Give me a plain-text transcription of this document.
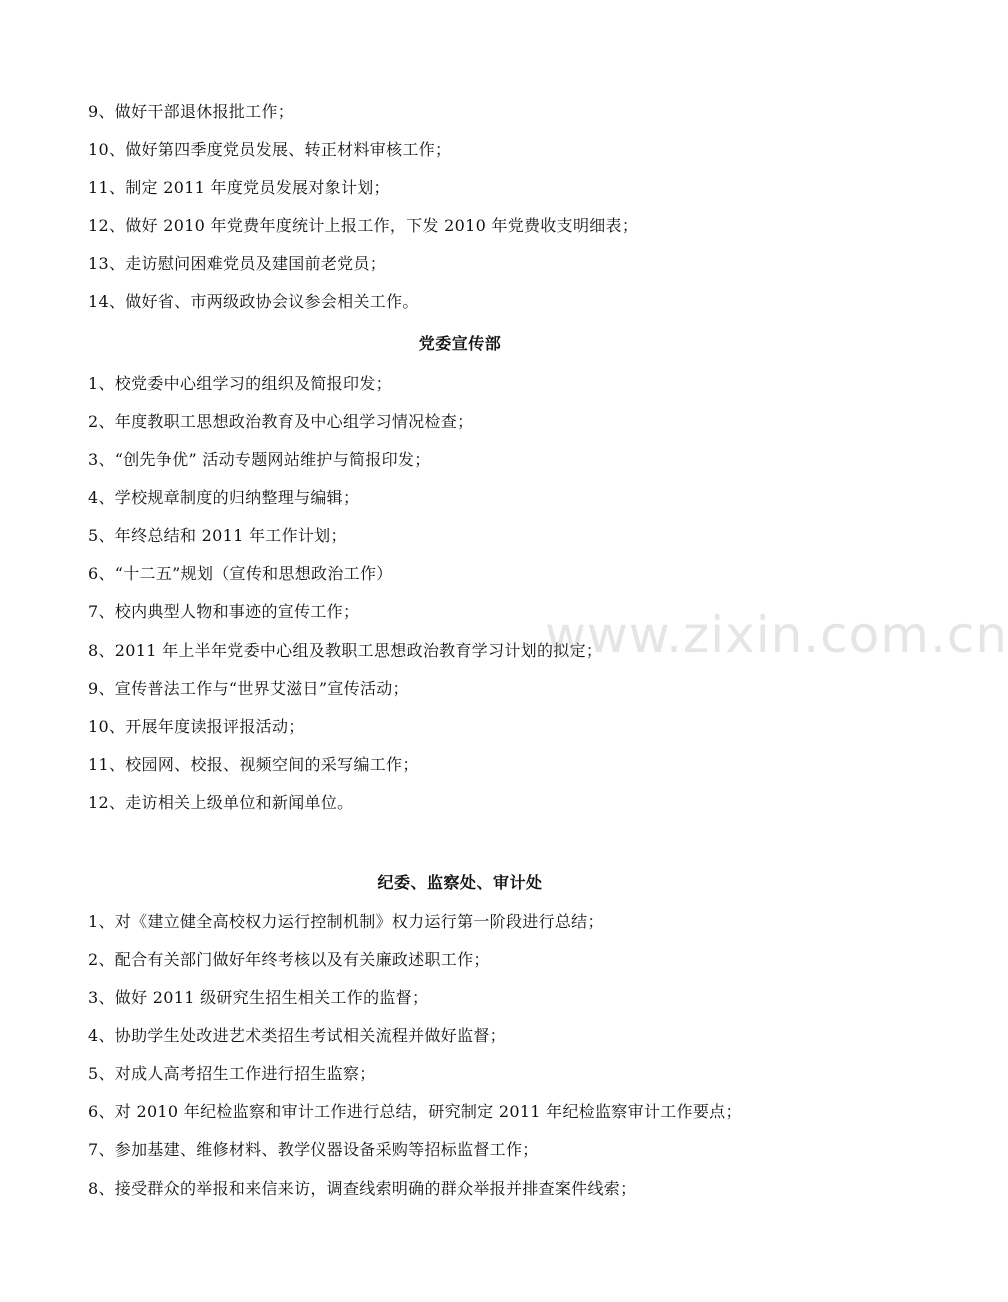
9、做好干部退休报批工作；
10、做好第四季度党员发展、转正材料审核工作；
11、制定 2011 年度党员发展对象计划；
12、做好 2010 年党费年度统计上报工作，下发 2010 年党费收支明细表；
13、走访慰问困难党员及建国前老党员；
14、做好省、市两级政协会议参会相关工作。
党委宣传部
1、校党委中心组学习的组织及简报印发；
2、年度教职工思想政治教育及中心组学习情况检查；
3、“创先争优” 活动专题网站维护与简报印发；
4、学校规章制度的归纳整理与编辑；
5、年终总结和 2011 年工作计划；
6、“十二五”规划（宣传和思想政治工作）
7、校内典型人物和事迹的宣传工作；
8、2011 年上半年党委中心组及教职工思想政治教育学习计划的拟定；
9、宣传普法工作与“世界艾滋日”宣传活动；
10、开展年度读报评报活动；
11、校园网、校报、视频空间的采写编工作；
12、走访相关上级单位和新闻单位。
纪委、监察处、审计处
1、对《建立健全高校权力运行控制机制》权力运行第一阶段进行总结；
2、配合有关部门做好年终考核以及有关廉政述职工作；
3、做好 2011 级研究生招生相关工作的监督；
4、协助学生处改进艺术类招生考试相关流程并做好监督；
5、对成人高考招生工作进行招生监察；
6、对 2010 年纪检监察和审计工作进行总结，研究制定 2011 年纪检监察审计工作要点；
7、参加基建、维修材料、教学仪器设备采购等招标监督工作；
8、接受群众的举报和来信来访，调查线索明确的群众举报并排查案件线索；
www.zixin.com.cn
